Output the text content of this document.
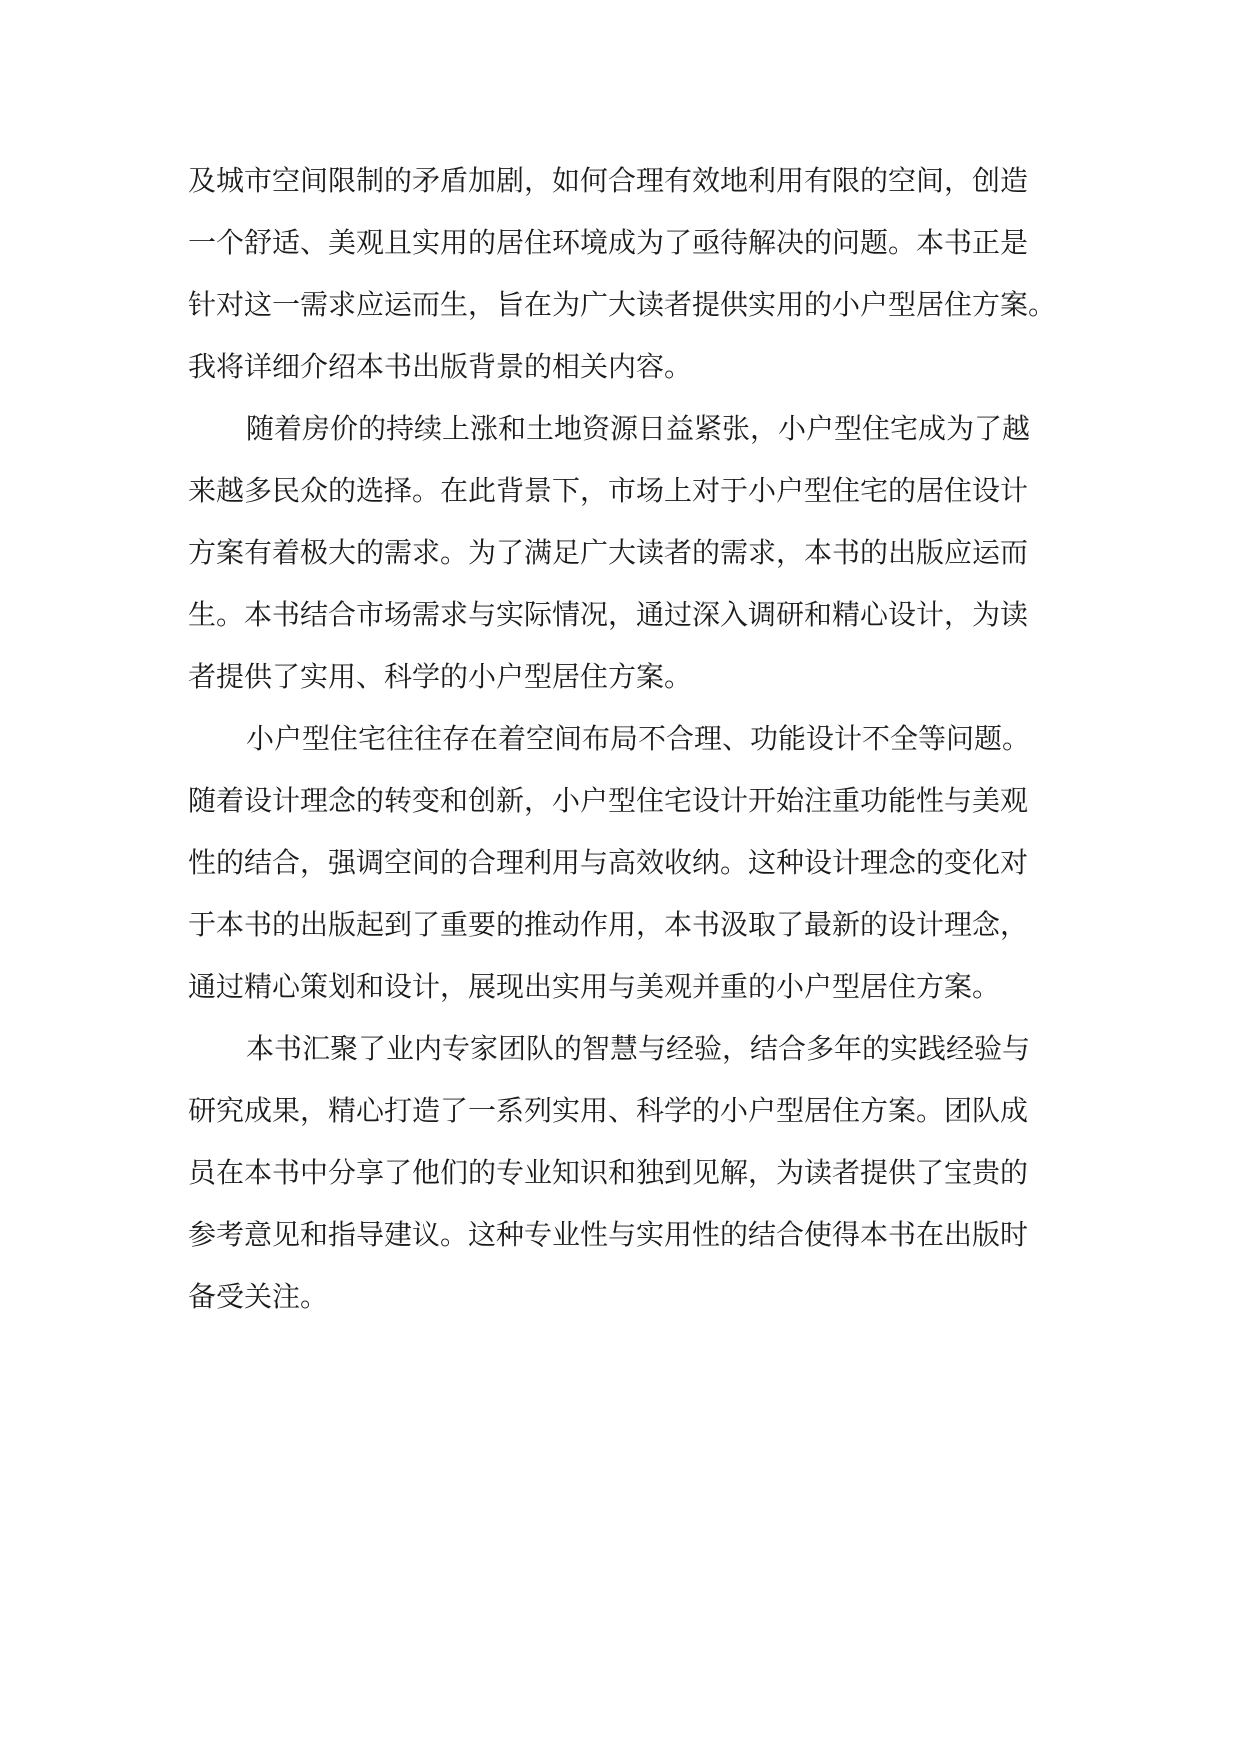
及城市空间限制的矛盾加剧，如何合理有效地利用有限的空间，创造
一个舒适、美观且实用的居住环境成为了亟待解决的问题。本书正是
针对这一需求应运而生，旨在为广大读者提供实用的小户型居住方案。
我将详细介绍本书出版背景的相关内容。
随着房价的持续上涨和土地资源日益紧张，小户型住宅成为了越
来越多民众的选择。在此背景下，市场上对于小户型住宅的居住设计
方案有着极大的需求。为了满足广大读者的需求，本书的出版应运而
生。本书结合市场需求与实际情况，通过深入调研和精心设计，为读
者提供了实用、科学的小户型居住方案。
小户型住宅往往存在着空间布局不合理、功能设计不全等问题。
随着设计理念的转变和创新，小户型住宅设计开始注重功能性与美观
性的结合，强调空间的合理利用与高效收纳。这种设计理念的变化对
于本书的出版起到了重要的推动作用，本书汲取了最新的设计理念，
通过精心策划和设计，展现出实用与美观并重的小户型居住方案。
本书汇聚了业内专家团队的智慧与经验，结合多年的实践经验与
研究成果，精心打造了一系列实用、科学的小户型居住方案。团队成
员在本书中分享了他们的专业知识和独到见解，为读者提供了宝贵的
参考意见和指导建议。这种专业性与实用性的结合使得本书在出版时
备受关注。
